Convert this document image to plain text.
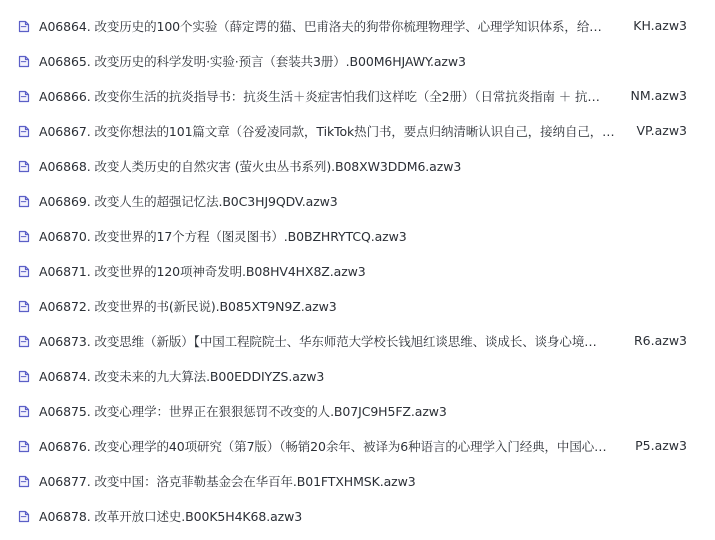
A06864. 改变历史的100个实验（薛定谔的猫、巴甫洛夫的狗带你梳理物理学、心理学知识体系，给…	KH.azw3
A06865. 改变历史的科学发明·实验·预言（套装共3册）.B00M6HJAWY.azw3
A06866. 改变你生活的抗炎指导书：抗炎生活＋炎症害怕我们这样吃（全2册）（日常抗炎指南 ＋ 抗…	NM.azw3
A06867. 改变你想法的101篇文章（谷爱凌同款，TikTok热门书，要点归纳清晰认识自己，接纳自己，…	VP.azw3
A06868. 改变人类历史的自然灾害 (萤火虫丛书系列).B08XW3DDM6.azw3
A06869. 改变人生的超强记忆法.B0C3HJ9QDV.azw3
A06870. 改变世界的17个方程（图灵图书）.B0BZHRYTCQ.azw3
A06871. 改变世界的120项神奇发明.B08HV4HX8Z.azw3
A06872. 改变世界的书(新民说).B085XT9N9Z.azw3
A06873. 改变思维（新版）【中国工程院院士、华东师范大学校长钱旭红谈思维、谈成长、谈身心境…	R6.azw3
A06874. 改变未来的九大算法.B00EDDIYZS.azw3
A06875. 改变心理学：世界正在狠狠惩罚不改变的人.B07JC9H5FZ.azw3
A06876. 改变心理学的40项研究（第7版）（畅销20余年、被译为6种语言的心理学入门经典，中国心…	P5.azw3
A06877. 改变中国：洛克菲勒基金会在华百年.B01FTXHMSK.azw3
A06878. 改革开放口述史.B00K5H4K68.azw3
